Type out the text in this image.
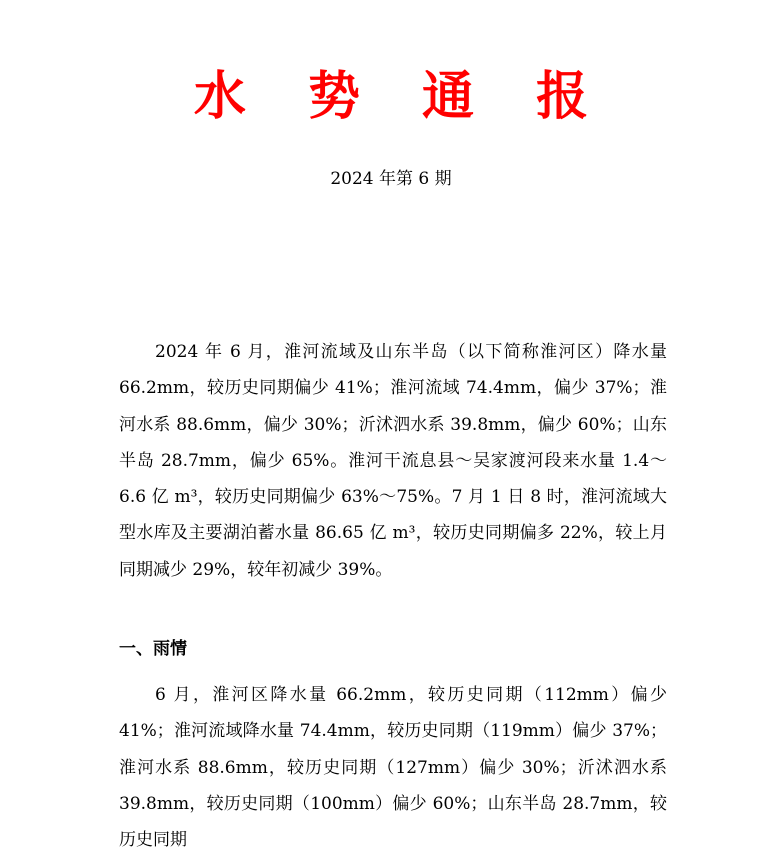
水 势 通 报

2024 年第 6 期

2024 年 6 月，淮河流域及山东半岛（以下简称淮河区）降水量 66.2mm，较历史同期偏少 41%；淮河流域 74.4mm，偏少 37%；淮河水系 88.6mm，偏少 30%；沂沭泗水系 39.8mm，偏少 60%；山东半岛 28.7mm，偏少 65%。淮河干流息县～吴家渡河段来水量 1.4～6.6 亿 m³，较历史同期偏少 63%～75%。7 月 1 日 8 时，淮河流域大型水库及主要湖泊蓄水量 86.65 亿 m³，较历史同期偏多 22%，较上月同期减少 29%，较年初减少 39%。

一、雨情

6 月，淮河区降水量 66.2mm，较历史同期（112mm）偏少 41%；淮河流域降水量 74.4mm，较历史同期（119mm）偏少 37%；淮河水系 88.6mm，较历史同期（127mm）偏少 30%；沂沭泗水系 39.8mm，较历史同期（100mm）偏少 60%；山东半岛 28.7mm，较历史同期
